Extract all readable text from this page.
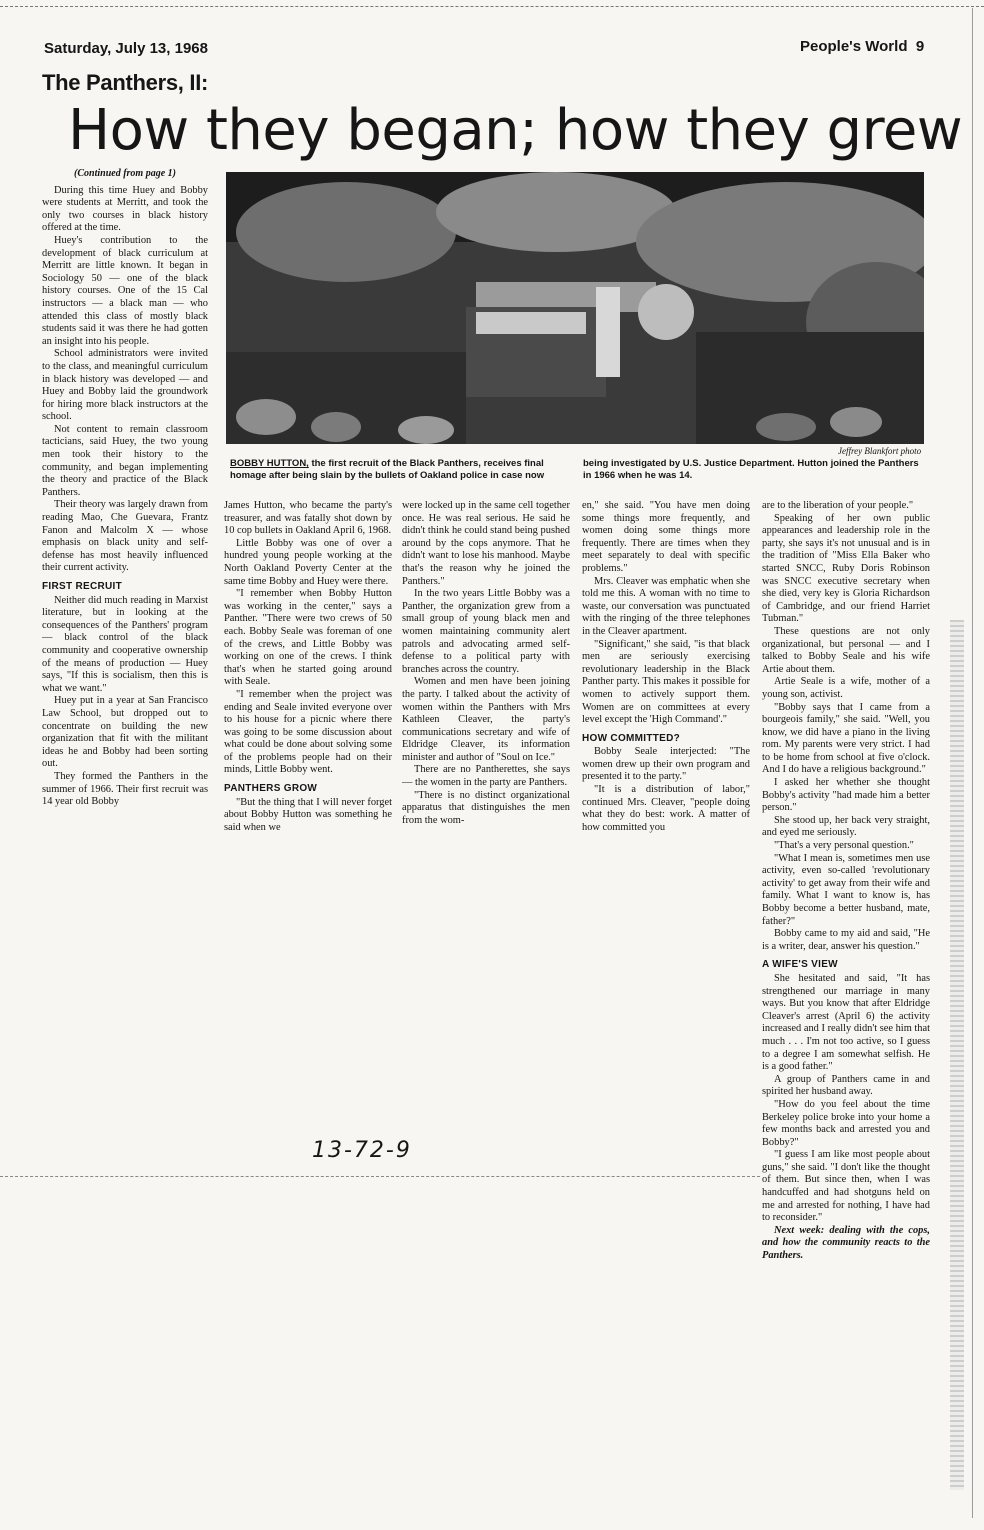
Saturday, July 13, 1968	People's World 9
The Panthers, II:
How they began; how they grew
Jeffrey Blankfort photo
BOBBY HUTTON, the first recruit of the Black Panthers, receives final homage after being slain by the bullets of Oakland police in case now being investigated by U.S. Justice Department. Hutton joined the Panthers in 1966 when he was 14.

(Continued from page 1)

During this time Huey and Bobby were students at Merritt, and took the only two courses in black history offered at the time.

Huey's contribution to the development of black curriculum at Merritt are little known. It began in Sociology 50 — one of the black history courses. One of the 15 Cal instructors — a black man — who attended this class of mostly black students said it was there he had gotten an insight into his people.

School administrators were invited to the class, and meaningful curriculum in black history was developed — and Huey and Bobby laid the groundwork for hiring more black instructors at the school.

Not content to remain classroom tacticians, said Huey, the two young men took their history to the community, and began implementing the theory and practice of the Black Panthers.

Their theory was largely drawn from reading Mao, Che Guevara, Frantz Fanon and Malcolm X — whose emphasis on black unity and self-defense has most heavily influenced their current activity.

FIRST RECRUIT

Neither did much reading in Marxist literature, but in looking at the consequences of the Panthers' program — black control of the black community and cooperative ownership of the means of production — Huey says, "If this is socialism, then this is what we want."

Huey put in a year at San Francisco Law School, but dropped out to concentrate on building the new organization that fit with the militant ideas he and Bobby had been sorting out.

They formed the Panthers in the summer of 1966. Their first recruit was 14 year old Bobby

James Hutton, who became the party's treasurer, and was fatally shot down by 10 cop bullets in Oakland April 6, 1968.

Little Bobby was one of over a hundred young people working at the North Oakland Poverty Center at the same time Bobby and Huey were there.

"I remember when Bobby Hutton was working in the center," says a Panther. "There were two crews of 50 each. Bobby Seale was foreman of one of the crews, and Little Bobby was working on one of the crews. I think that's when he started going around with Seale.

"I remember when the project was ending and Seale invited everyone over to his house for a picnic where there was going to be some discussion about what could be done about solving some of the problems people had on their minds, Little Bobby went.

PANTHERS GROW

"But the thing that I will never forget about Bobby Hutton was something he said when we

were locked up in the same cell together once. He was real serious. He said he didn't think he could stand being pushed around by the cops anymore. That he didn't want to lose his manhood. Maybe that's the reason why he joined the Panthers."

In the two years Little Bobby was a Panther, the organization grew from a small group of young black men and women maintaining community alert patrols and advocating armed self-defense to a political party with branches across the country.

Women and men have been joining the party. I talked about the activity of women within the Panthers with Mrs Kathleen Cleaver, the party's communications secretary and wife of Eldridge Cleaver, its information minister and author of "Soul on Ice."

There are no Pantherettes, she says — the women in the party are Panthers.

"There is no distinct organizational apparatus that distinguishes the men from the wom-

en," she said. "You have men doing some things more frequently, and women doing some things more frequently. There are times when they meet separately to deal with specific problems."

Mrs. Cleaver was emphatic when she told me this. A woman with no time to waste, our conversation was punctuated with the ringing of the three telephones in the Cleaver apartment.

"Significant," she said, "is that black men are seriously exercising revolutionary leadership in the Black Panther party. This makes it possible for women to actively support them. Women are on committees at every level except the 'High Command'."

HOW COMMITTED?

Bobby Seale interjected: "The women drew up their own program and presented it to the party."

"It is a distribution of labor," continued Mrs. Cleaver, "people doing what they do best: work. A matter of how committed you

are to the liberation of your people."

Speaking of her own public appearances and leadership role in the party, she says it's not unusual and is in the tradition of "Miss Ella Baker who started SNCC, Ruby Doris Robinson was SNCC executive secretary when she died, very key is Gloria Richardson of Cambridge, and our friend Harriet Tubman."

These questions are not only organizational, but personal — and I talked to Bobby Seale and his wife Artie about them.

Artie Seale is a wife, mother of a young son, activist.

"Bobby says that I came from a bourgeois family," she said. "Well, you know, we did have a piano in the living rom. My parents were very strict. I had to be home from school at five o'clock. And I do have a religious background."

I asked her whether she thought Bobby's activity "had made him a better person."

She stood up, her back very straight, and eyed me seriously.

"That's a very personal question."

"What I mean is, sometimes men use activity, even so-called 'revolutionary activity' to get away from their wife and family. What I want to know is, has Bobby become a better husband, mate, father?"

Bobby came to my aid and said, "He is a writer, dear, answer his question."

A WIFE'S VIEW

She hesitated and said, "It has strengthened our marriage in many ways. But you know that after Eldridge Cleaver's arrest (April 6) the activity increased and I really didn't see him that much . . . I'm not too active, so I guess to a degree I am somewhat selfish. He is a good father."

A group of Panthers came in and spirited her husband away.

"How do you feel about the time Berkeley police broke into your home a few months back and arrested you and Bobby?"

"I guess I am like most people about guns," she said. "I don't like the thought of them. But since then, when I was handcuffed and had shotguns held on me and arrested for nothing, I have had to reconsider."

Next week: dealing with the cops, and how the community reacts to the Panthers.

13-72-9
